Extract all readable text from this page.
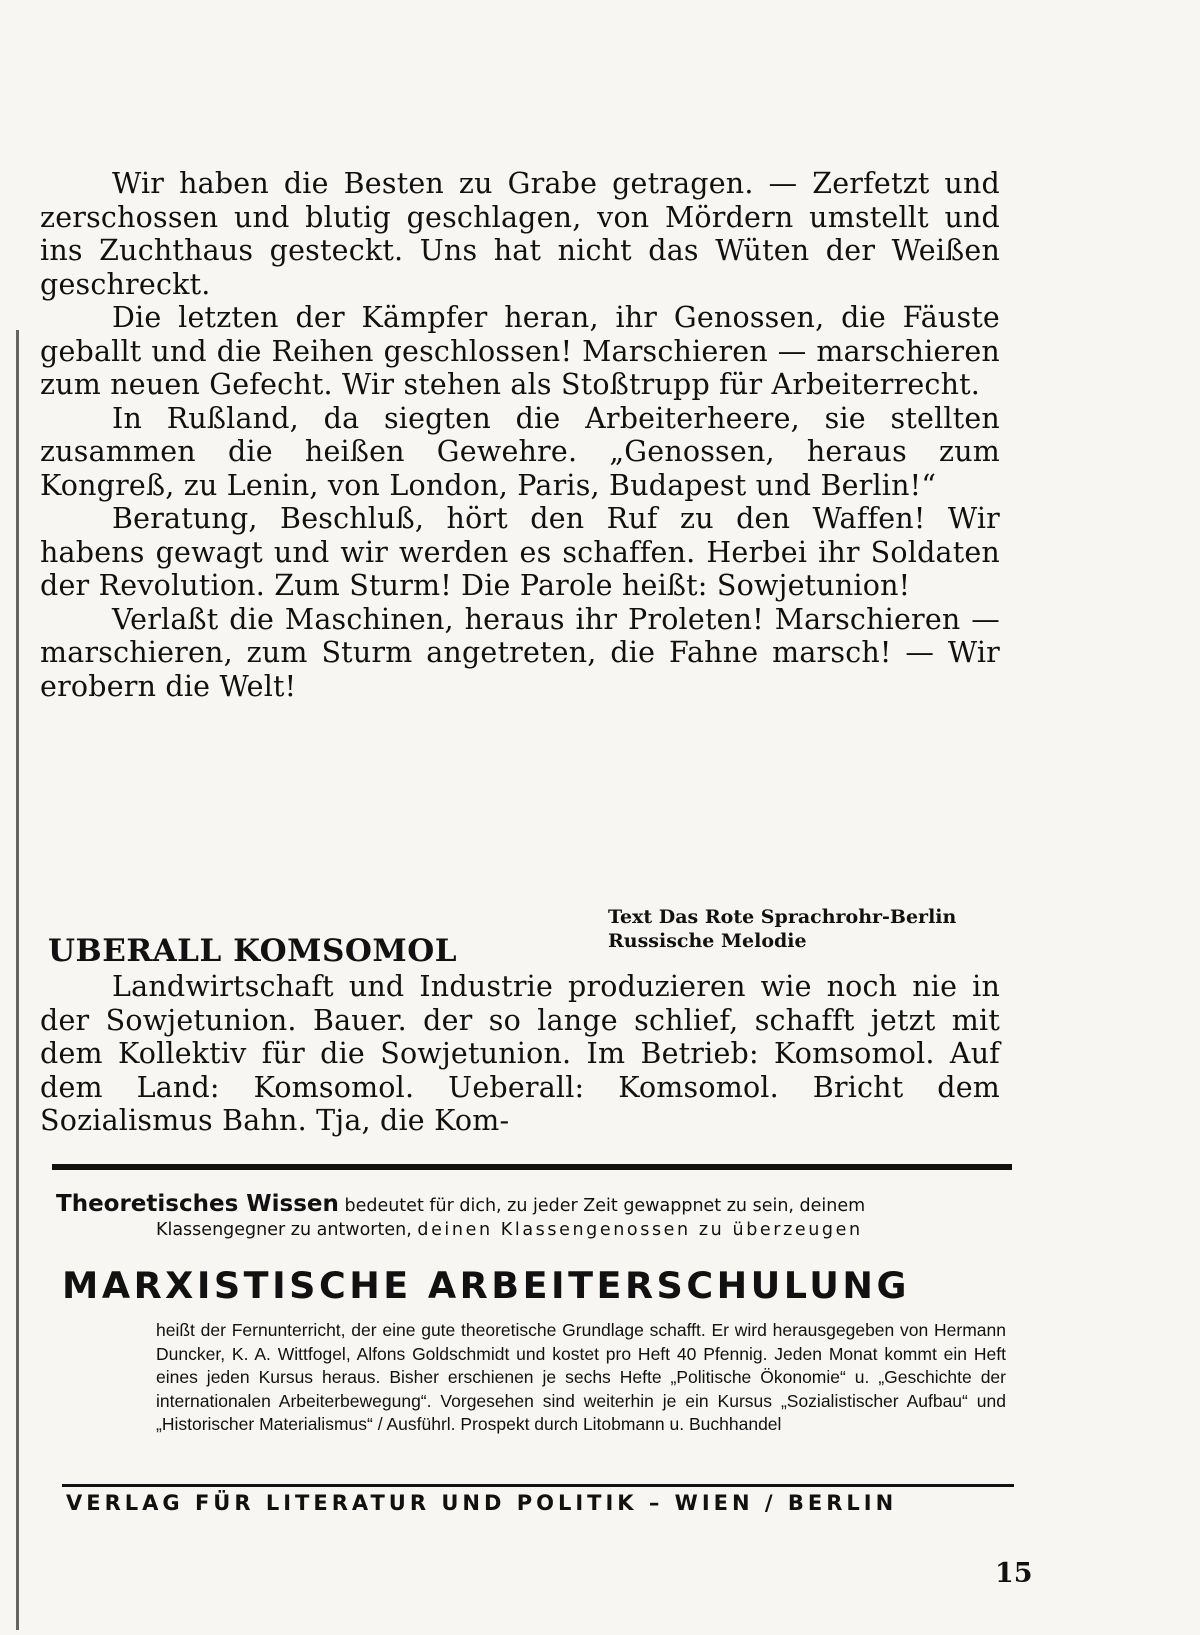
Wir haben die Besten zu Grabe getragen. — Zerfetzt und zerschossen und blutig geschlagen, von Mördern umstellt und ins Zuchthaus gesteckt. Uns hat nicht das Wüten der Weißen geschreckt.

Die letzten der Kämpfer heran, ihr Genossen, die Fäuste geballt und die Reihen geschlossen! Marschieren — marschieren zum neuen Gefecht. Wir stehen als Stoßtrupp für Arbeiterrecht.

In Rußland, da siegten die Arbeiterheere, sie stellten zusammen die heißen Gewehre. „Genossen, heraus zum Kongreß, zu Lenin, von London, Paris, Budapest und Berlin!“

Beratung, Beschluß, hört den Ruf zu den Waffen! Wir habens gewagt und wir werden es schaffen. Herbei ihr Soldaten der Revolution. Zum Sturm! Die Parole heißt: Sowjetunion!

Verlaßt die Maschinen, heraus ihr Proleten! Marschieren — marschieren, zum Sturm angetreten, die Fahne marsch! — Wir erobern die Welt!

UBERALL KOMSOMOL
Text Das Rote Sprachrohr-Berlin
Russische Melodie

Landwirtschaft und Industrie produzieren wie noch nie in der Sowjetunion. Bauer. der so lange schlief, schafft jetzt mit dem Kollektiv für die Sowjetunion. Im Betrieb: Komsomol. Auf dem Land: Komsomol. Ueberall: Komsomol. Bricht dem Sozialismus Bahn. Tja, die Kom-

Theoretisches Wissen bedeutet für dich, zu jeder Zeit gewappnet zu sein, deinem
Klassengegner zu antworten, deinen Klassengenossen zu überzeugen
MARXISTISCHE ARBEITERSCHULUNG
heißt der Fernunterricht, der eine gute theoretische Grundlage schafft. Er wird herausgegeben von Hermann Duncker, K. A. Wittfogel, Alfons Goldschmidt und kostet pro Heft 40 Pfennig. Jeden Monat kommt ein Heft eines jeden Kursus heraus. Bisher erschienen je sechs Hefte „Politische Ökonomie“ u. „Geschichte der internationalen Arbeiterbewegung“. Vorgesehen sind weiterhin je ein Kursus „Sozialistischer Aufbau“ und „Historischer Materialismus“ / Ausführl. Prospekt durch Litobmann u. Buchhandel
VERLAG FÜR LITERATUR UND POLITIK – WIEN / BERLIN
15
